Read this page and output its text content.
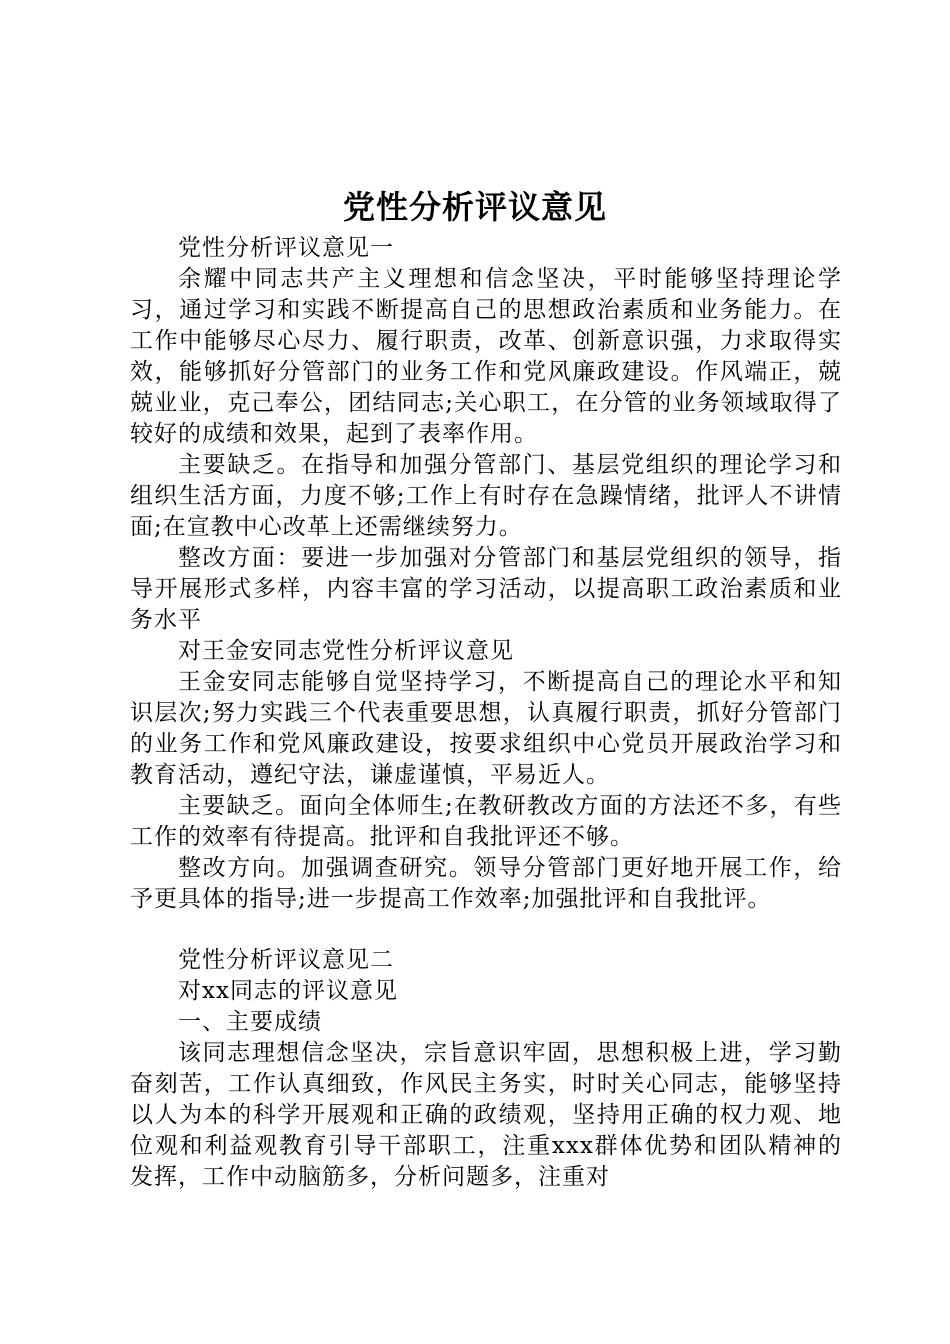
党性分析评议意见

党性分析评议意见一

余耀中同志共产主义理想和信念坚决，平时能够坚持理论学习，通过学习和实践不断提高自己的思想政治素质和业务能力。在工作中能够尽心尽力、履行职责，改革、创新意识强，力求取得实效，能够抓好分管部门的业务工作和党风廉政建设。作风端正，兢兢业业，克己奉公，团结同志;关心职工，在分管的业务领域取得了较好的成绩和效果，起到了表率作用。

主要缺乏。在指导和加强分管部门、基层党组织的理论学习和组织生活方面，力度不够;工作上有时存在急躁情绪，批评人不讲情面;在宣教中心改革上还需继续努力。

整改方面：要进一步加强对分管部门和基层党组织的领导，指导开展形式多样，内容丰富的学习活动，以提高职工政治素质和业务水平

对王金安同志党性分析评议意见

王金安同志能够自觉坚持学习，不断提高自己的理论水平和知识层次;努力实践三个代表重要思想，认真履行职责，抓好分管部门的业务工作和党风廉政建设，按要求组织中心党员开展政治学习和教育活动，遵纪守法，谦虚谨慎，平易近人。

主要缺乏。面向全体师生;在教研教改方面的方法还不多，有些工作的效率有待提高。批评和自我批评还不够。

整改方向。加强调查研究。领导分管部门更好地开展工作，给予更具体的指导;进一步提高工作效率;加强批评和自我批评。

党性分析评议意见二

对xx同志的评议意见

一、主要成绩

该同志理想信念坚决，宗旨意识牢固，思想积极上进，学习勤奋刻苦，工作认真细致，作风民主务实，时时关心同志，能够坚持以人为本的科学开展观和正确的政绩观，坚持用正确的权力观、地位观和利益观教育引导干部职工，注重xxx群体优势和团队精神的发挥，工作中动脑筋多，分析问题多，注重对
